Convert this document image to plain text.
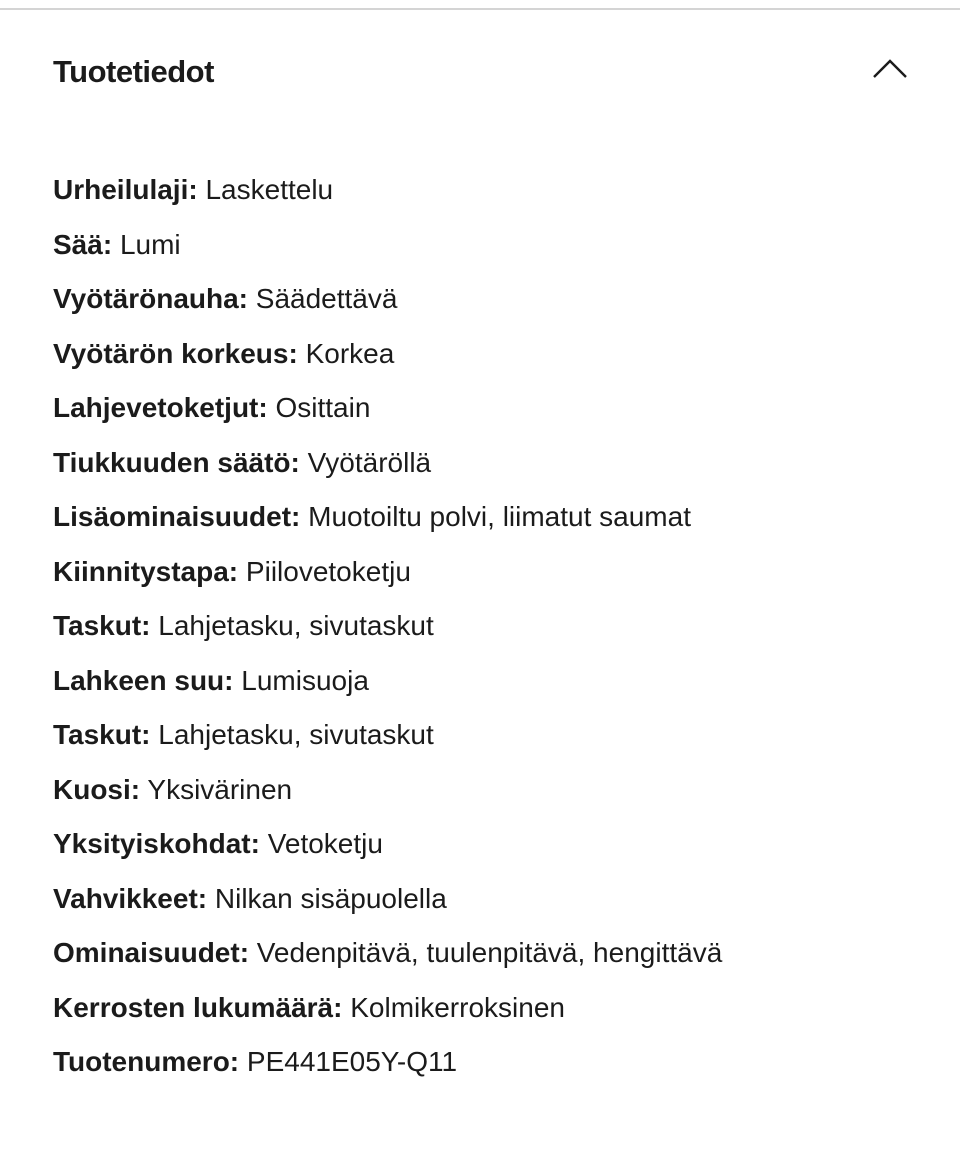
Tuotetiedot
Urheilulaji: Laskettelu
Sää: Lumi
Vyötärönauha: Säädettävä
Vyötärön korkeus: Korkea
Lahjevetoketjut: Osittain
Tiukkuuden säätö: Vyötäröllä
Lisäominaisuudet: Muotoiltu polvi, liimatut saumat
Kiinnitystapa: Piilovetoketju
Taskut: Lahjetasku, sivutaskut
Lahkeen suu: Lumisuoja
Taskut: Lahjetasku, sivutaskut
Kuosi: Yksivärinen
Yksityiskohdat: Vetoketju
Vahvikkeet: Nilkan sisäpuolella
Ominaisuudet: Vedenpitävä, tuulenpitävä, hengittävä
Kerrosten lukumäärä: Kolmikerroksinen
Tuotenumero: PE441E05Y-Q11
